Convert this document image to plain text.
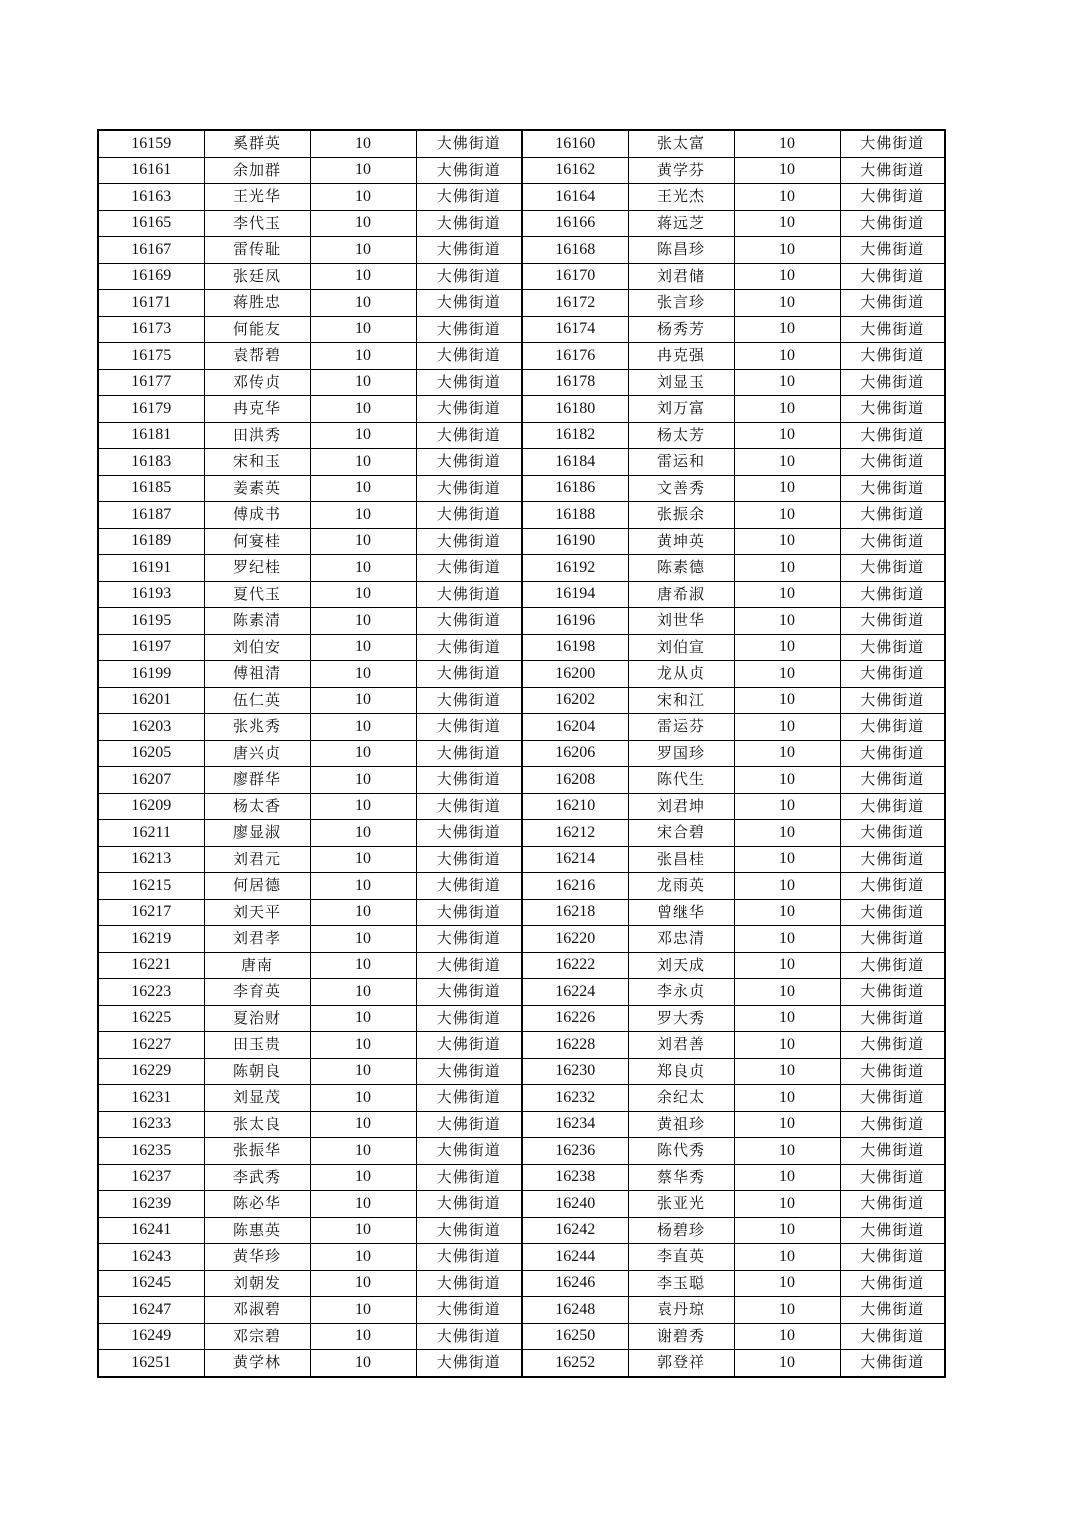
16159	奚群英	10	大佛街道	16160	张太富	10	大佛街道
16161	余加群	10	大佛街道	16162	黄学芬	10	大佛街道
16163	王光华	10	大佛街道	16164	王光杰	10	大佛街道
16165	李代玉	10	大佛街道	16166	蒋远芝	10	大佛街道
16167	雷传耻	10	大佛街道	16168	陈昌珍	10	大佛街道
16169	张廷凤	10	大佛街道	16170	刘君储	10	大佛街道
16171	蒋胜忠	10	大佛街道	16172	张言珍	10	大佛街道
16173	何能友	10	大佛街道	16174	杨秀芳	10	大佛街道
16175	袁帮碧	10	大佛街道	16176	冉克强	10	大佛街道
16177	邓传贞	10	大佛街道	16178	刘显玉	10	大佛街道
16179	冉克华	10	大佛街道	16180	刘万富	10	大佛街道
16181	田洪秀	10	大佛街道	16182	杨太芳	10	大佛街道
16183	宋和玉	10	大佛街道	16184	雷运和	10	大佛街道
16185	姜素英	10	大佛街道	16186	文善秀	10	大佛街道
16187	傅成书	10	大佛街道	16188	张振余	10	大佛街道
16189	何宴桂	10	大佛街道	16190	黄坤英	10	大佛街道
16191	罗纪桂	10	大佛街道	16192	陈素德	10	大佛街道
16193	夏代玉	10	大佛街道	16194	唐希淑	10	大佛街道
16195	陈素清	10	大佛街道	16196	刘世华	10	大佛街道
16197	刘伯安	10	大佛街道	16198	刘伯宣	10	大佛街道
16199	傅祖清	10	大佛街道	16200	龙从贞	10	大佛街道
16201	伍仁英	10	大佛街道	16202	宋和江	10	大佛街道
16203	张兆秀	10	大佛街道	16204	雷运芬	10	大佛街道
16205	唐兴贞	10	大佛街道	16206	罗国珍	10	大佛街道
16207	廖群华	10	大佛街道	16208	陈代生	10	大佛街道
16209	杨太香	10	大佛街道	16210	刘君坤	10	大佛街道
16211	廖显淑	10	大佛街道	16212	宋合碧	10	大佛街道
16213	刘君元	10	大佛街道	16214	张昌桂	10	大佛街道
16215	何居德	10	大佛街道	16216	龙雨英	10	大佛街道
16217	刘天平	10	大佛街道	16218	曾继华	10	大佛街道
16219	刘君孝	10	大佛街道	16220	邓忠清	10	大佛街道
16221	唐南	10	大佛街道	16222	刘天成	10	大佛街道
16223	李育英	10	大佛街道	16224	李永贞	10	大佛街道
16225	夏治财	10	大佛街道	16226	罗大秀	10	大佛街道
16227	田玉贵	10	大佛街道	16228	刘君善	10	大佛街道
16229	陈朝良	10	大佛街道	16230	郑良贞	10	大佛街道
16231	刘显茂	10	大佛街道	16232	余纪太	10	大佛街道
16233	张太良	10	大佛街道	16234	黄祖珍	10	大佛街道
16235	张振华	10	大佛街道	16236	陈代秀	10	大佛街道
16237	李武秀	10	大佛街道	16238	蔡华秀	10	大佛街道
16239	陈必华	10	大佛街道	16240	张亚光	10	大佛街道
16241	陈惠英	10	大佛街道	16242	杨碧珍	10	大佛街道
16243	黄华珍	10	大佛街道	16244	李直英	10	大佛街道
16245	刘朝发	10	大佛街道	16246	李玉聪	10	大佛街道
16247	邓淑碧	10	大佛街道	16248	袁丹琼	10	大佛街道
16249	邓宗碧	10	大佛街道	16250	谢碧秀	10	大佛街道
16251	黄学林	10	大佛街道	16252	郭登祥	10	大佛街道
